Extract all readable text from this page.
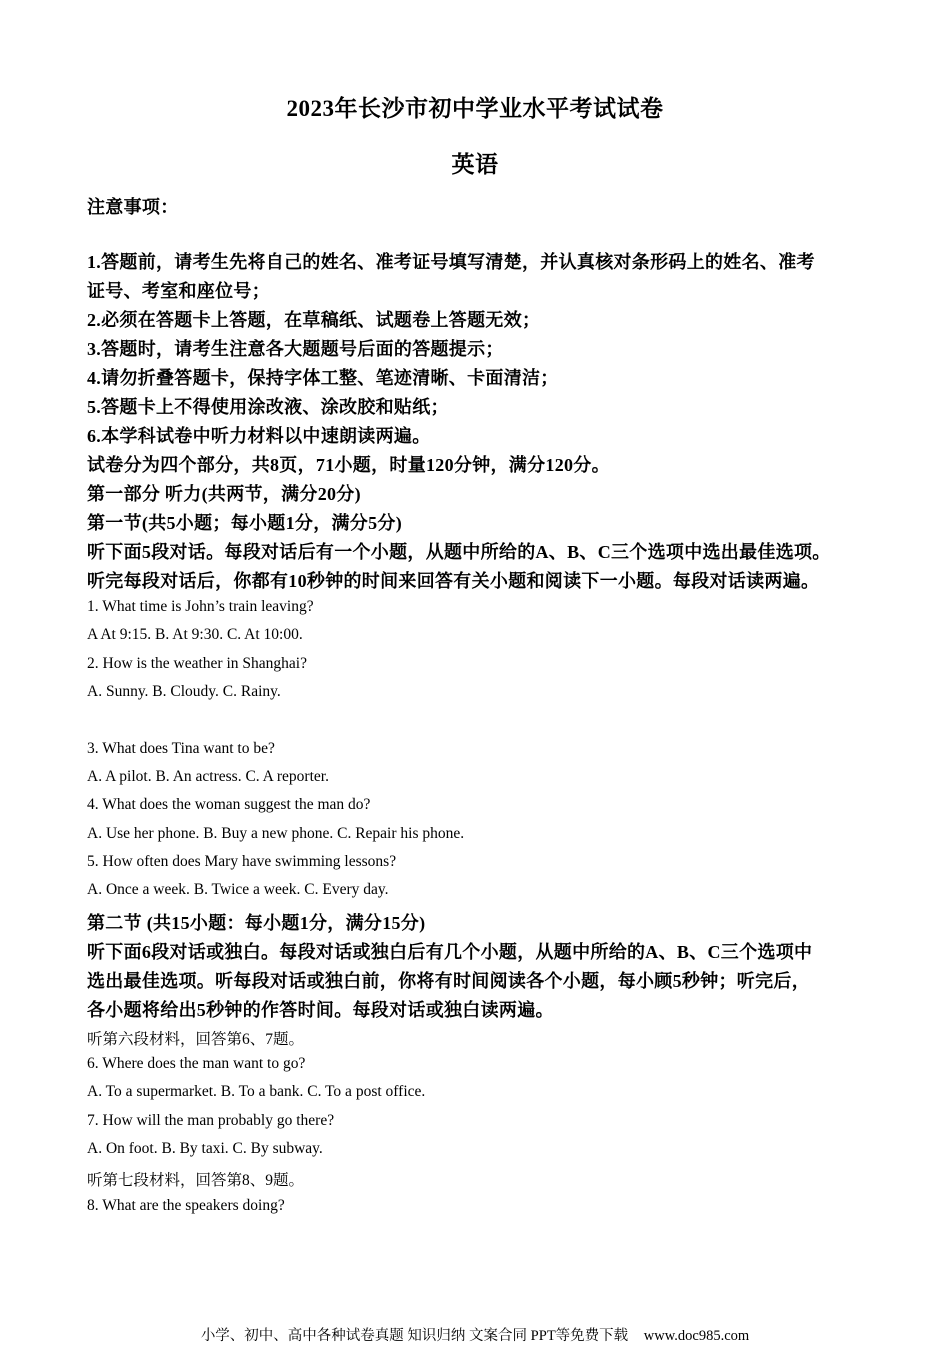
2023年长沙市初中学业水平考试试卷
英语
注意事项：
1.答题前，请考生先将自己的姓名、准考证号填写清楚，并认真核对条形码上的姓名、准考
证号、考室和座位号；
2.必须在答题卡上答题，在草稿纸、试题卷上答题无效；
3.答题时，请考生注意各大题题号后面的答题提示；
4.请勿折叠答题卡，保持字体工整、笔迹清晰、卡面清洁；
5.答题卡上不得使用涂改液、涂改胶和贴纸；
6.本学科试卷中听力材料以中速朗读两遍。
试卷分为四个部分，共8页，71小题，时量120分钟，满分120分。
第一部分 听力(共两节，满分20分)
第一节(共5小题；每小题1分，满分5分)
听下面5段对话。每段对话后有一个小题，从题中所给的A、B、C三个选项中选出最佳选项。
听完每段对话后，你都有10秒钟的时间来回答有关小题和阅读下一小题。每段对话读两遍。
1. What time is John’s train leaving?
A At 9:15. B. At 9:30. C. At 10:00.
2. How is the weather in Shanghai?
A. Sunny. B. Cloudy. C. Rainy.
3. What does Tina want to be?
A. A pilot. B. An actress. C. A reporter.
4. What does the woman suggest the man do?
A. Use her phone. B. Buy a new phone. C. Repair his phone.
5. How often does Mary have swimming lessons?
A. Once a week. B. Twice a week. C. Every day.
第二节 (共15小题：每小题1分，满分15分)
听下面6段对话或独白。每段对话或独白后有几个小题，从题中所给的A、B、C三个选项中
选出最佳选项。听每段对话或独白前，你将有时间阅读各个小题，每小顾5秒钟；听完后，
各小题将给出5秒钟的作答时间。每段对话或独白读两遍。
听第六段材料，回答第6、7题。
6. Where does the man want to go?
A. To a supermarket. B. To a bank. C. To a post office.
7. How will the man probably go there?
A. On foot. B. By taxi. C. By subway.
听第七段材料，回答第8、9题。
8. What are the speakers doing?
小学、初中、高中各种试卷真题 知识归纳 文案合同 PPT等免费下载 www.doc985.com
